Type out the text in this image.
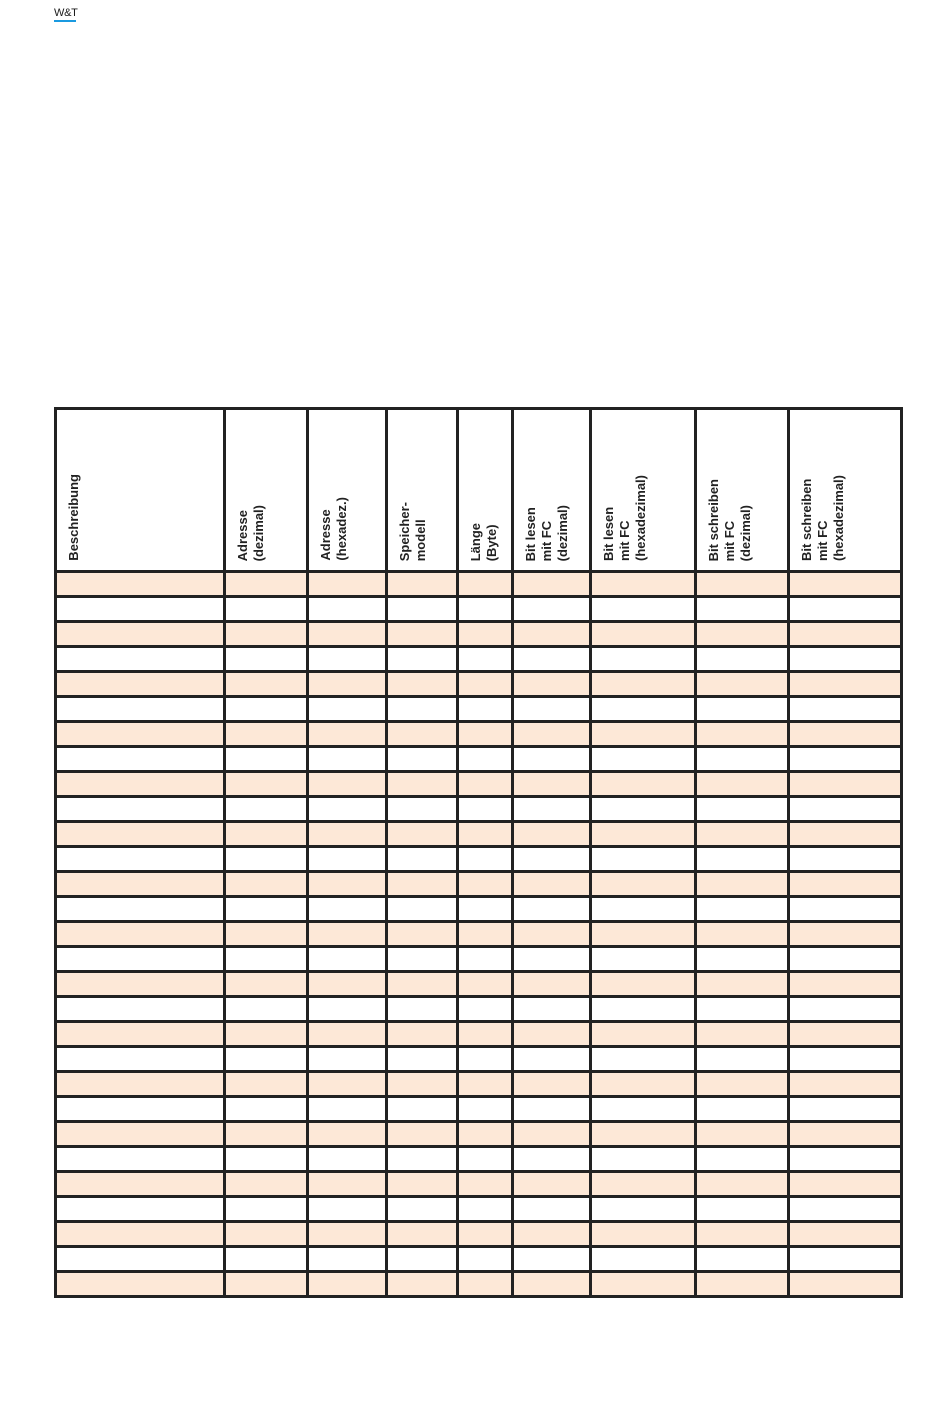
W&T
Beschreibung	Adresse (dezimal)	Adresse (hexadez.)	Speicher- modell	Länge (Byte)	Bit lesen mit FC (dezimal)	Bit lesen mit FC (hexadezimal)	Bit schreiben mit FC (dezimal)	Bit schreiben mit FC (hexadezimal)
